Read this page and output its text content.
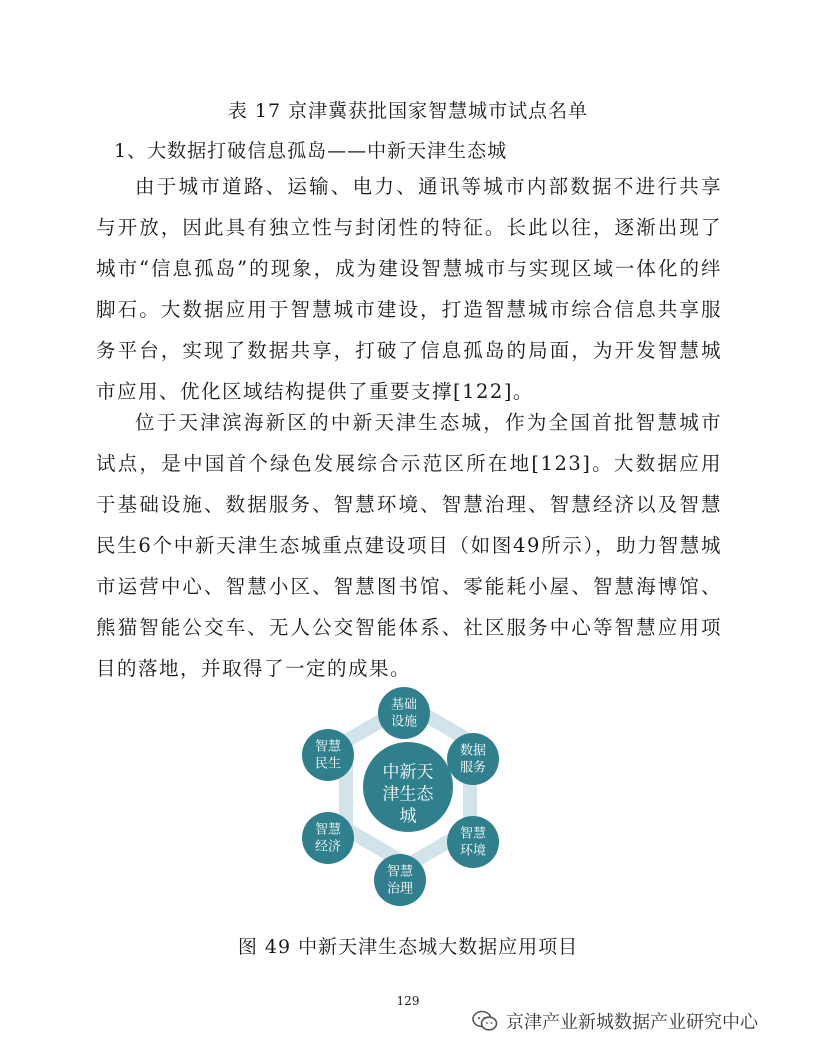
表 17 京津冀获批国家智慧城市试点名单
1、大数据打破信息孤岛——中新天津生态城

由于城市道路、运输、电力、通讯等城市内部数据不进行共享与开放，因此具有独立性与封闭性的特征。长此以往，逐渐出现了城市“信息孤岛”的现象，成为建设智慧城市与实现区域一体化的绊脚石。大数据应用于智慧城市建设，打造智慧城市综合信息共享服务平台，实现了数据共享，打破了信息孤岛的局面，为开发智慧城市应用、优化区域结构提供了重要支撑[122]。

位于天津滨海新区的中新天津生态城，作为全国首批智慧城市试点，是中国首个绿色发展综合示范区所在地[123]。大数据应用于基础设施、数据服务、智慧环境、智慧治理、智慧经济以及智慧民生6个中新天津生态城重点建设项目（如图49所示），助力智慧城市运营中心、智慧小区、智慧图书馆、零能耗小屋、智慧海博馆、熊猫智能公交车、无人公交智能体系、社区服务中心等智慧应用项目的落地，并取得了一定的成果。

中新天
津生态
城
基础
设施
数据
服务
智慧
环境
智慧
治理
智慧
经济
智慧
民生
图 49 中新天津生态城大数据应用项目
129
京津产业新城数据产业研究中心
